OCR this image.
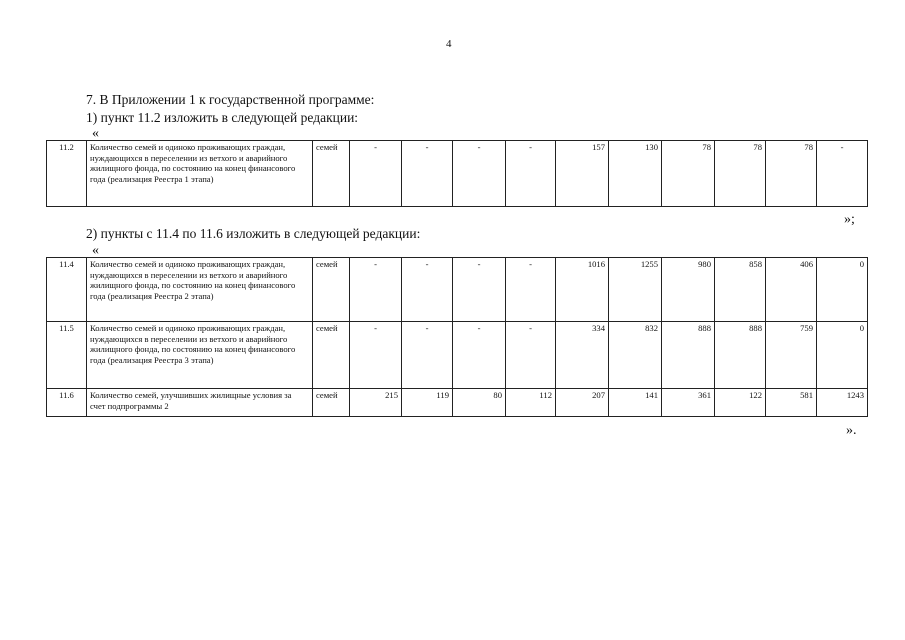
4
7. В Приложении 1 к государственной программе:
1) пункт 11.2 изложить в следующей редакции:
«
11.2	Количество семей и одиноко проживающих граждан, нуждающихся в переселении из ветхого и аварийного жилищного фонда, по состоянию на конец финансового года (реализация Реестра 1 этапа)	семей	-	-	-	-	157	130	78	78	78	-
»;
2) пункты с 11.4 по 11.6 изложить в следующей редакции:
«
11.4	Количество семей и одиноко проживающих граждан, нуждающихся в переселении из ветхого и аварийного жилищного фонда, по состоянию на конец финансового года (реализация Реестра 2 этапа)	семей	-	-	-	-	1016	1255	980	858	406	0
11.5	Количество семей и одиноко проживающих граждан, нуждающихся в переселении из ветхого и аварийного жилищного фонда, по состоянию на конец финансового года (реализация Реестра 3 этапа)	семей	-	-	-	-	334	832	888	888	759	0
11.6	Количество семей, улучшивших жилищные условия за счет подпрограммы 2	семей	215	119	80	112	207	141	361	122	581	1243
».
